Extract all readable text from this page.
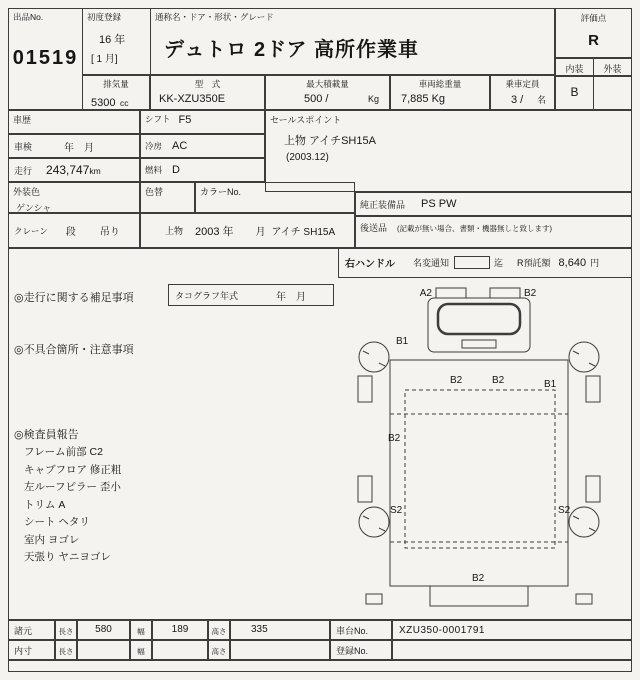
出品No.
01519
初度登録
16 年
[ 1 月]
通称名・ドア・形状・グレード
デュトロ 2ドア 高所作業車
評価点
R
内装	外装
B
排気量
5300 cc
型　式
KK-XZU350E
最大積載量
500 /	Kg
車両総重量
7,885 Kg
乗車定員
3 / 名
車歴	シフト F5
車検	年　月	冷房 AC
走行 243,747km	燃料 D
外装色
ゲンシャ
色替	カラーNo.
クレーン 段 吊り	上物 2003 年 月 アイチ SH15A
セールスポイント
上物 アイチSH15A
(2003.12)
純正装備品 PS PW
後送品 (記載が無い場合、書類・機器無しと致します)
右ハンドル 名変通知	迄 R預託額 8,640 円
◎走行に関する補足事項	タコグラフ年式	年　月
◎不具合箇所・注意事項
◎検査員報告
フレーム前部 C2
キャブフロア 修正粗
左ルーフピラー 歪小
トリム A
シート ヘタリ
室内 ヨゴレ
天張り ヤニヨゴレ
A2	B2
B1
B2	B2	B1
B2
S2	S2
B2
諸元	長さ	580	幅	189	高さ 335	車台No.	XZU350-0001791
内寸	長さ	幅	高さ	登録No.
